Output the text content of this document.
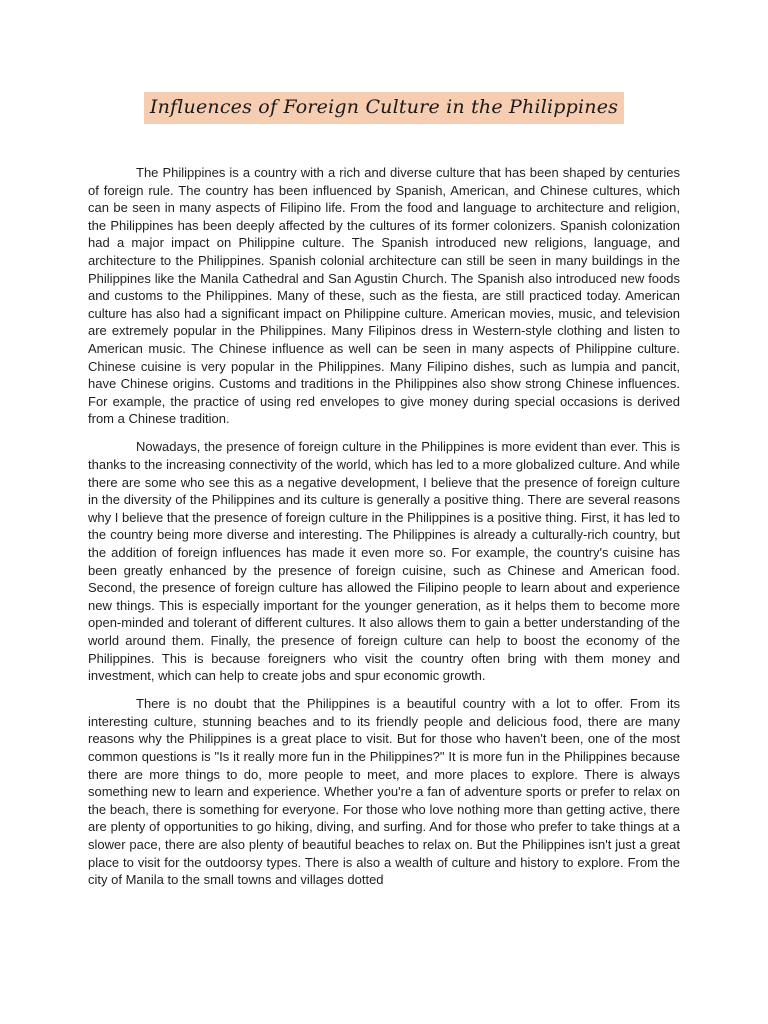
Influences of Foreign Culture in the Philippines

The Philippines is a country with a rich and diverse culture that has been shaped by centuries of foreign rule. The country has been influenced by Spanish, American, and Chinese cultures, which can be seen in many aspects of Filipino life. From the food and language to architecture and religion, the Philippines has been deeply affected by the cultures of its former colonizers. Spanish colonization had a major impact on Philippine culture. The Spanish introduced new religions, language, and architecture to the Philippines. Spanish colonial architecture can still be seen in many buildings in the Philippines like the Manila Cathedral and San Agustin Church. The Spanish also introduced new foods and customs to the Philippines. Many of these, such as the fiesta, are still practiced today. American culture has also had a significant impact on Philippine culture. American movies, music, and television are extremely popular in the Philippines. Many Filipinos dress in Western-style clothing and listen to American music. The Chinese influence as well can be seen in many aspects of Philippine culture. Chinese cuisine is very popular in the Philippines. Many Filipino dishes, such as lumpia and pancit, have Chinese origins. Customs and traditions in the Philippines also show strong Chinese influences. For example, the practice of using red envelopes to give money during special occasions is derived from a Chinese tradition.

Nowadays, the presence of foreign culture in the Philippines is more evident than ever. This is thanks to the increasing connectivity of the world, which has led to a more globalized culture. And while there are some who see this as a negative development, I believe that the presence of foreign culture in the diversity of the Philippines and its culture is generally a positive thing. There are several reasons why I believe that the presence of foreign culture in the Philippines is a positive thing. First, it has led to the country being more diverse and interesting. The Philippines is already a culturally-rich country, but the addition of foreign influences has made it even more so. For example, the country's cuisine has been greatly enhanced by the presence of foreign cuisine, such as Chinese and American food. Second, the presence of foreign culture has allowed the Filipino people to learn about and experience new things. This is especially important for the younger generation, as it helps them to become more open-minded and tolerant of different cultures. It also allows them to gain a better understanding of the world around them. Finally, the presence of foreign culture can help to boost the economy of the Philippines. This is because foreigners who visit the country often bring with them money and investment, which can help to create jobs and spur economic growth.

There is no doubt that the Philippines is a beautiful country with a lot to offer. From its interesting culture, stunning beaches and to its friendly people and delicious food, there are many reasons why the Philippines is a great place to visit. But for those who haven't been, one of the most common questions is "Is it really more fun in the Philippines?" It is more fun in the Philippines because there are more things to do, more people to meet, and more places to explore. There is always something new to learn and experience. Whether you're a fan of adventure sports or prefer to relax on the beach, there is something for everyone. For those who love nothing more than getting active, there are plenty of opportunities to go hiking, diving, and surfing. And for those who prefer to take things at a slower pace, there are also plenty of beautiful beaches to relax on. But the Philippines isn't just a great place to visit for the outdoorsy types. There is also a wealth of culture and history to explore. From the city of Manila to the small towns and villages dotted
